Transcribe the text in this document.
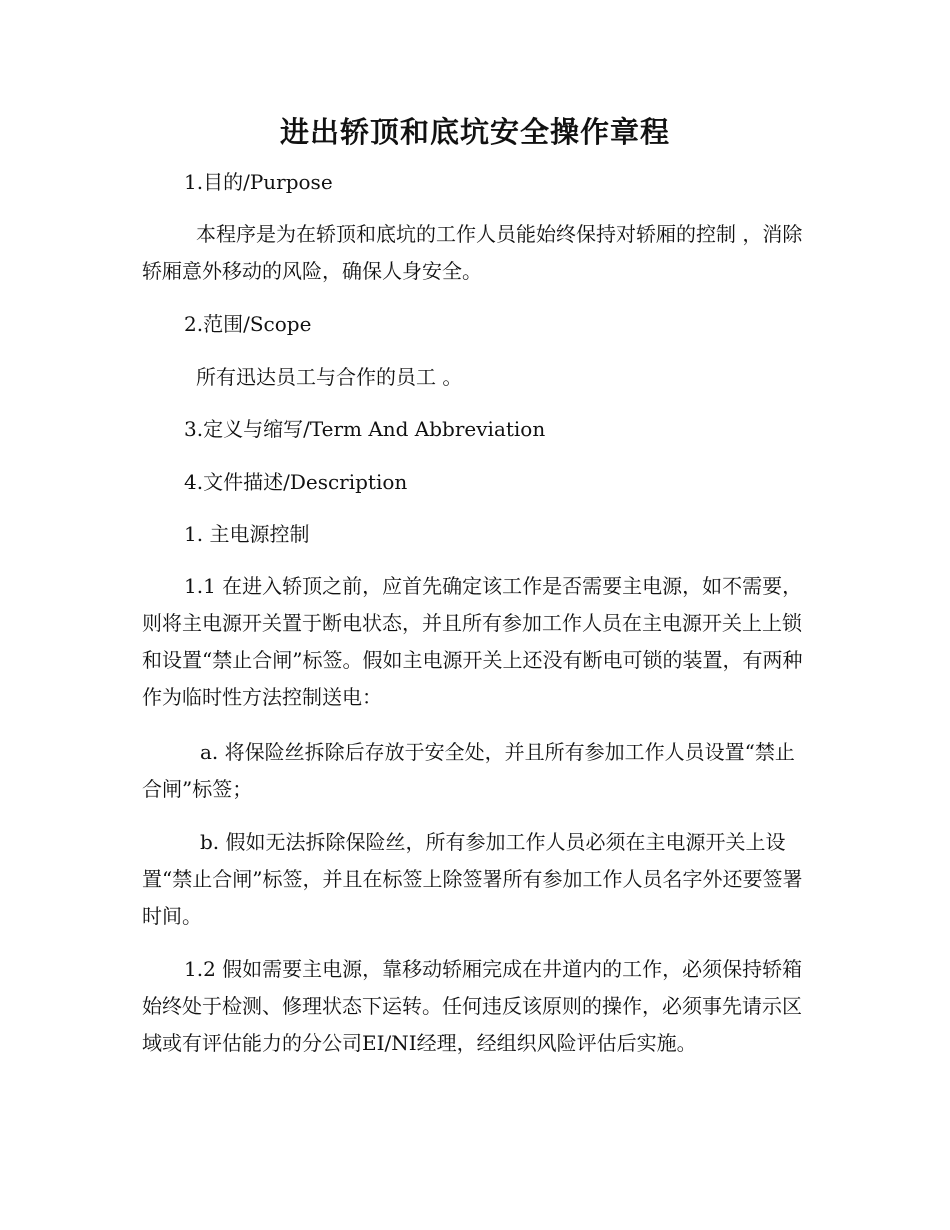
进出轿顶和底坑安全操作章程

1.目的/Purpose

本程序是为在轿顶和底坑的工作人员能始终保持对轿厢的控制 ，消除轿厢意外移动的风险，确保人身安全。

2.范围/Scope

所有迅达员工与合作的员工 。

3.定义与缩写/Term And Abbreviation

4.文件描述/Description

1. 主电源控制

1.1 在进入轿顶之前，应首先确定该工作是否需要主电源，如不需要，则将主电源开关置于断电状态，并且所有参加工作人员在主电源开关上上锁和设置“禁止合闸”标签。假如主电源开关上还没有断电可锁的装置，有两种作为临时性方法控制送电：

a. 将保险丝拆除后存放于安全处，并且所有参加工作人员设置“禁止合闸”标签；

b. 假如无法拆除保险丝，所有参加工作人员必须在主电源开关上设置“禁止合闸”标签，并且在标签上除签署所有参加工作人员名字外还要签署时间。

1.2 假如需要主电源，靠移动轿厢完成在井道内的工作，必须保持轿箱始终处于检测、修理状态下运转。任何违反该原则的操作，必须事先请示区域或有评估能力的分公司EI/NI经理，经组织风险评估后实施。
